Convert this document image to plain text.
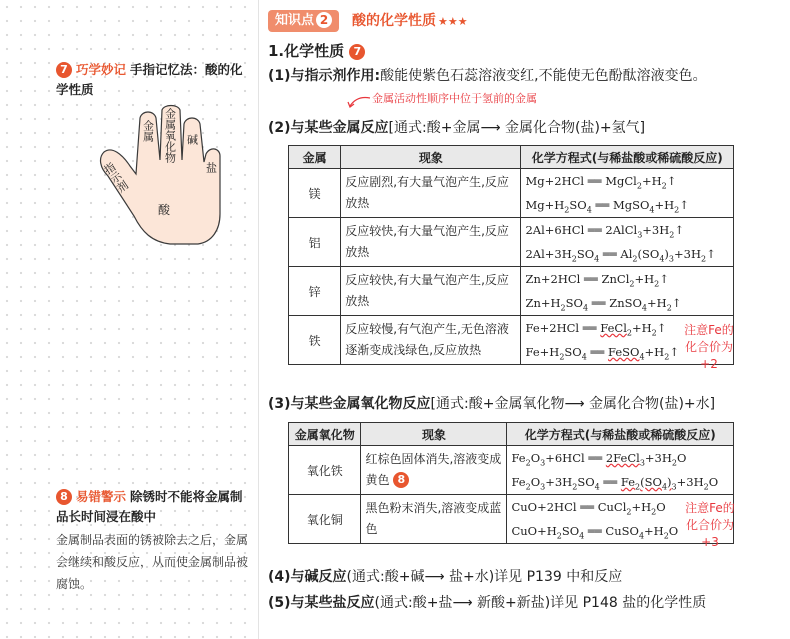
7 巧学妙记 手指记忆法：酸的化学性质
指示剂
金属 金属氧化物 碱
盐
酸
8 易错警示 除锈时不能将金属制品长时间浸在酸中
金属制品表面的锈被除去之后，金属会继续和酸反应，从而使金属制品被腐蚀。
知识点 2	酸的化学性质 ★★★
1.化学性质 7
(1)与指示剂作用:酸能使紫色石蕊溶液变红,不能使无色酚酞溶液变色。
金属活动性顺序中位于氢前的金属
(2)与某些金属反应[通式:酸+金属⟶ 金属化合物(盐)+氢气]
金属	现象	化学方程式(与稀盐酸或稀硫酸反应)
镁	反应剧烈,有大量气泡产生,反应放热	Mg+2HCl ══ $MgCl_2+H_2↑$
$Mg+H_2SO_4$ ══ $MgSO_4+H_2↑$

铝	反应较快,有大量气泡产生,反应放热	2Al+6HCl ══ $2AlCl_3+3H_2↑$
$2Al+3H_2SO_4$ ══ $Al_2(SO_4)_3+3H_2↑$

锌	反应较快,有大量气泡产生,反应放热	Zn+2HCl ══ $ZnCl_2+H_2↑$
$Zn+H_2SO_4$ ══ $ZnSO_4+H_2↑$

铁	反应较慢,有气泡产生,无色溶液逐渐变成浅绿色,反应放热	Fe+2HCl ══ $FeCl_2+H_2↑$
$Fe+H_2SO_4$ ══ $FeSO_4+H_2↑$
注意Fe的化合价为+2
(3)与某些金属氧化物反应[通式:酸+金属氧化物⟶ 金属化合物(盐)+水]
金属氧化物	现象	化学方程式(与稀盐酸或稀硫酸反应)
氧化铁	红棕色固体消失,溶液变成黄色 8	$Fe_2O_3+6HCl$ ══ $2FeCl_3+3H_2O$
$Fe_2O_3+3H_2SO_4$ ══ $Fe_2(SO_4)_3+3H_2O$

氧化铜	黑色粉末消失,溶液变成蓝色	CuO+2HCl ══ $CuCl_2+H_2O$
$CuO+H_2SO_4$ ══ $CuSO_4+H_2O$
注意Fe的化合价为+3
(4)与碱反应(通式:酸+碱⟶ 盐+水)详见 P139 中和反应
(5)与某些盐反应(通式:酸+盐⟶ 新酸+新盐)详见 P148 盐的化学性质
